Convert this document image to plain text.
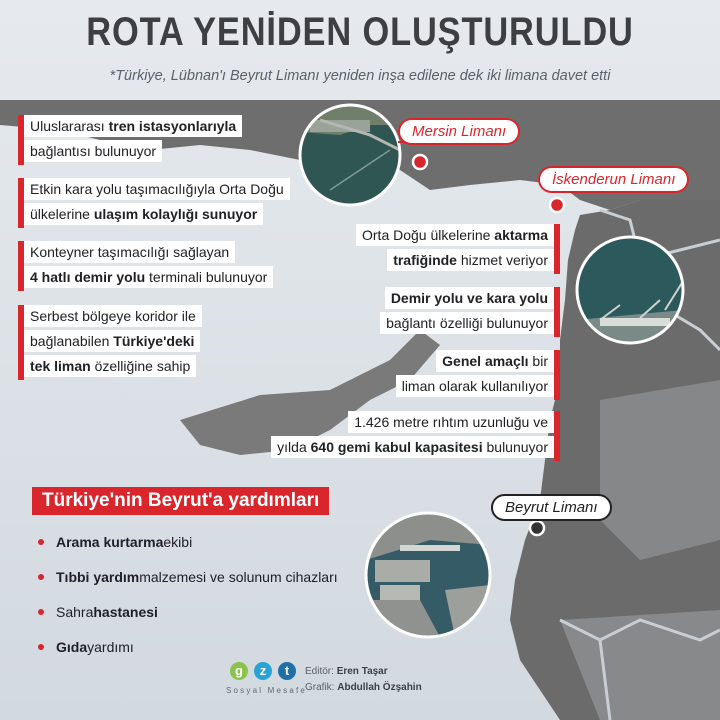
ROTA YENİDEN OLUŞTURULDU
*Türkiye, Lübnan'ı Beyrut Limanı yeniden inşa edilene dek iki limana davet etti
Mersin Limanı
İskenderun Limanı
Beyrut Limanı
Uluslararası tren istasyonlarıyla
bağlantısı bulunuyor
Etkin kara yolu taşımacılığıyla Orta Doğu
ülkelerine ulaşım kolaylığı sunuyor
Konteyner taşımacılığı sağlayan
4 hatlı demir yolu terminali bulunuyor
Serbest bölgeye koridor ile
bağlanabilen Türkiye'deki
tek liman özelliğine sahip
Orta Doğu ülkelerine aktarma
trafiğinde hizmet veriyor
Demir yolu ve kara yolu
bağlantı özelliği bulunuyor
Genel amaçlı bir
liman olarak kullanılıyor
1.426 metre rıhtım uzunluğu ve
yılda 640 gemi kabul kapasitesi bulunuyor
Türkiye'nin Beyrut'a yardımları
Arama kurtarma ekibi
Tıbbi yardım malzemesi ve solunum cihazları
Sahra hastanesi
Gıda yardımı
g	z	t
Sosyal Mesafe
Editör: Eren Taşar
Grafik: Abdullah Özşahin
